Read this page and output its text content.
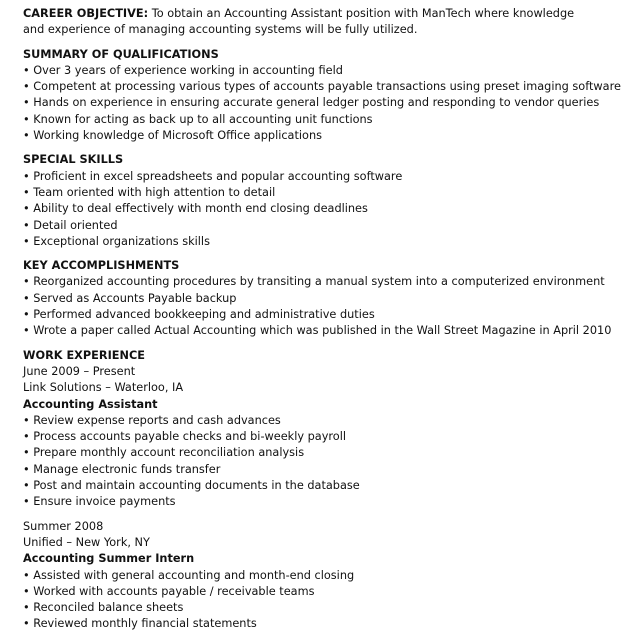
CAREER OBJECTIVE: To obtain an Accounting Assistant position with ManTech where knowledge and experience of managing accounting systems will be fully utilized.
SUMMARY OF QUALIFICATIONS
• Over 3 years of experience working in accounting field
• Competent at processing various types of accounts payable transactions using preset imaging software
• Hands on experience in ensuring accurate general ledger posting and responding to vendor queries
• Known for acting as back up to all accounting unit functions
• Working knowledge of Microsoft Office applications
SPECIAL SKILLS
• Proficient in excel spreadsheets and popular accounting software
• Team oriented with high attention to detail
• Ability to deal effectively with month end closing deadlines
• Detail oriented
• Exceptional organizations skills
KEY ACCOMPLISHMENTS
• Reorganized accounting procedures by transiting a manual system into a computerized environment
• Served as Accounts Payable backup
• Performed advanced bookkeeping and administrative duties
• Wrote a paper called Actual Accounting which was published in the Wall Street Magazine in April 2010
WORK EXPERIENCE
June 2009 – Present
Link Solutions – Waterloo, IA
Accounting Assistant
• Review expense reports and cash advances
• Process accounts payable checks and bi-weekly payroll
• Prepare monthly account reconciliation analysis
• Manage electronic funds transfer
• Post and maintain accounting documents in the database
• Ensure invoice payments
Summer 2008
Unified – New York, NY
Accounting Summer Intern
• Assisted with general accounting and month-end closing
• Worked with accounts payable / receivable teams
• Reconciled balance sheets
• Reviewed monthly financial statements
